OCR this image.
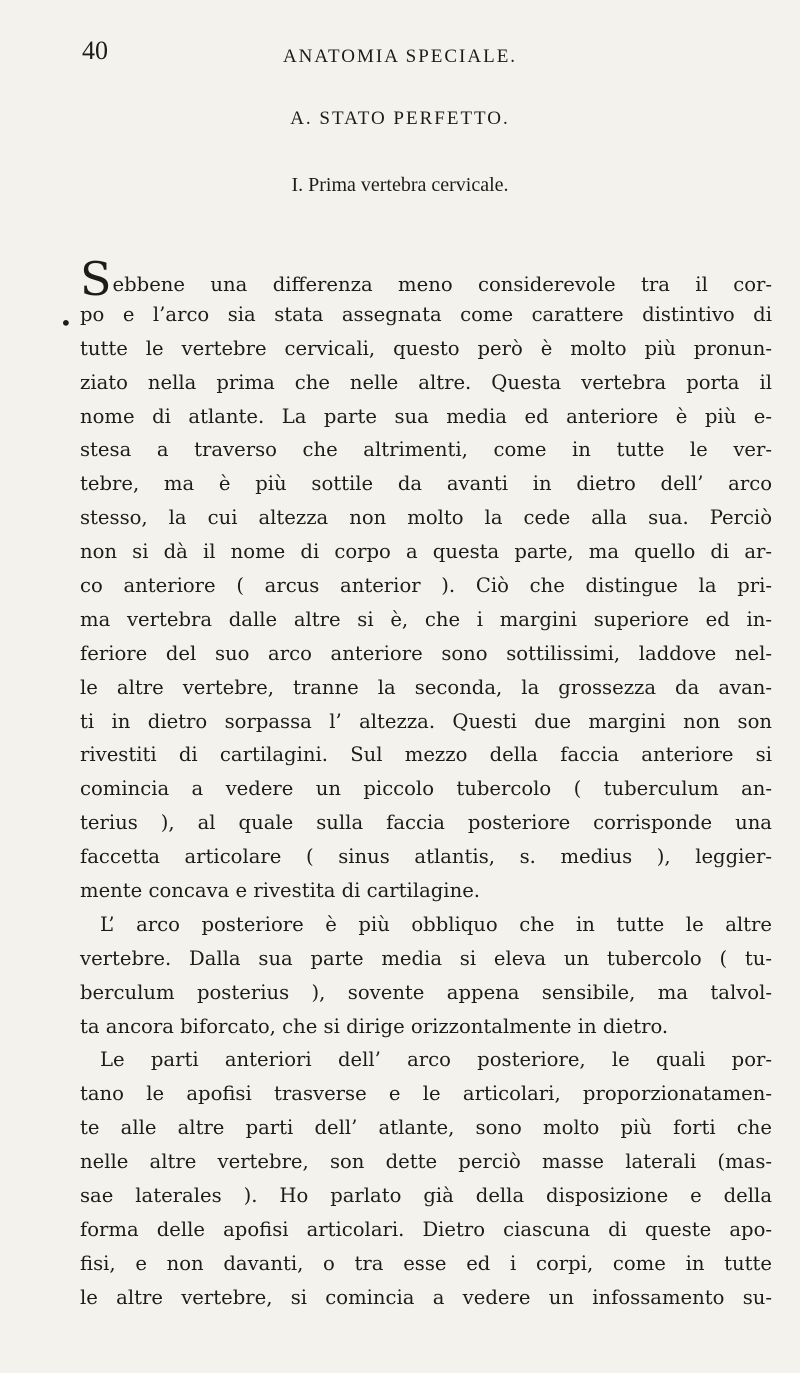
40	ANATOMIA SPECIALE.
A. STATO PERFETTO.
I. Prima vertebra cervicale.
•
Sebbene una differenza meno considerevole tra il cor-
po e l’arco sia stata assegnata come carattere distintivo di
tutte le vertebre cervicali, questo però è molto più pronun-
ziato nella prima che nelle altre. Questa vertebra porta il
nome di atlante. La parte sua media ed anteriore è più e-
stesa a traverso che altrimenti, come in tutte le ver-
tebre, ma è più sottile da avanti in dietro dell’ arco
stesso, la cui altezza non molto la cede alla sua. Perciò
non si dà il nome di corpo a questa parte, ma quello di ar-
co anteriore ( arcus anterior ). Ciò che distingue la pri-
ma vertebra dalle altre si è, che i margini superiore ed in-
feriore del suo arco anteriore sono sottilissimi, laddove nel-
le altre vertebre, tranne la seconda, la grossezza da avan-
ti in dietro sorpassa l’ altezza. Questi due margini non son
rivestiti di cartilagini. Sul mezzo della faccia anteriore si
comincia a vedere un piccolo tubercolo ( tuberculum an-
terius ), al quale sulla faccia posteriore corrisponde una
faccetta articolare ( sinus atlantis, s. medius ), leggier-
mente concava e rivestita di cartilagine.
L’ arco posteriore è più obbliquo che in tutte le altre
vertebre. Dalla sua parte media si eleva un tubercolo ( tu-
berculum posterius ), sovente appena sensibile, ma talvol-
ta ancora biforcato, che si dirige orizzontalmente in dietro.
Le parti anteriori dell’ arco posteriore, le quali por-
tano le apofisi trasverse e le articolari, proporzionatamen-
te alle altre parti dell’ atlante, sono molto più forti che
nelle altre vertebre, son dette perciò masse laterali (mas-
sae laterales ). Ho parlato già della disposizione e della
forma delle apofisi articolari. Dietro ciascuna di queste apo-
fisi, e non davanti, o tra esse ed i corpi, come in tutte
le altre vertebre, si comincia a vedere un infossamento su-
